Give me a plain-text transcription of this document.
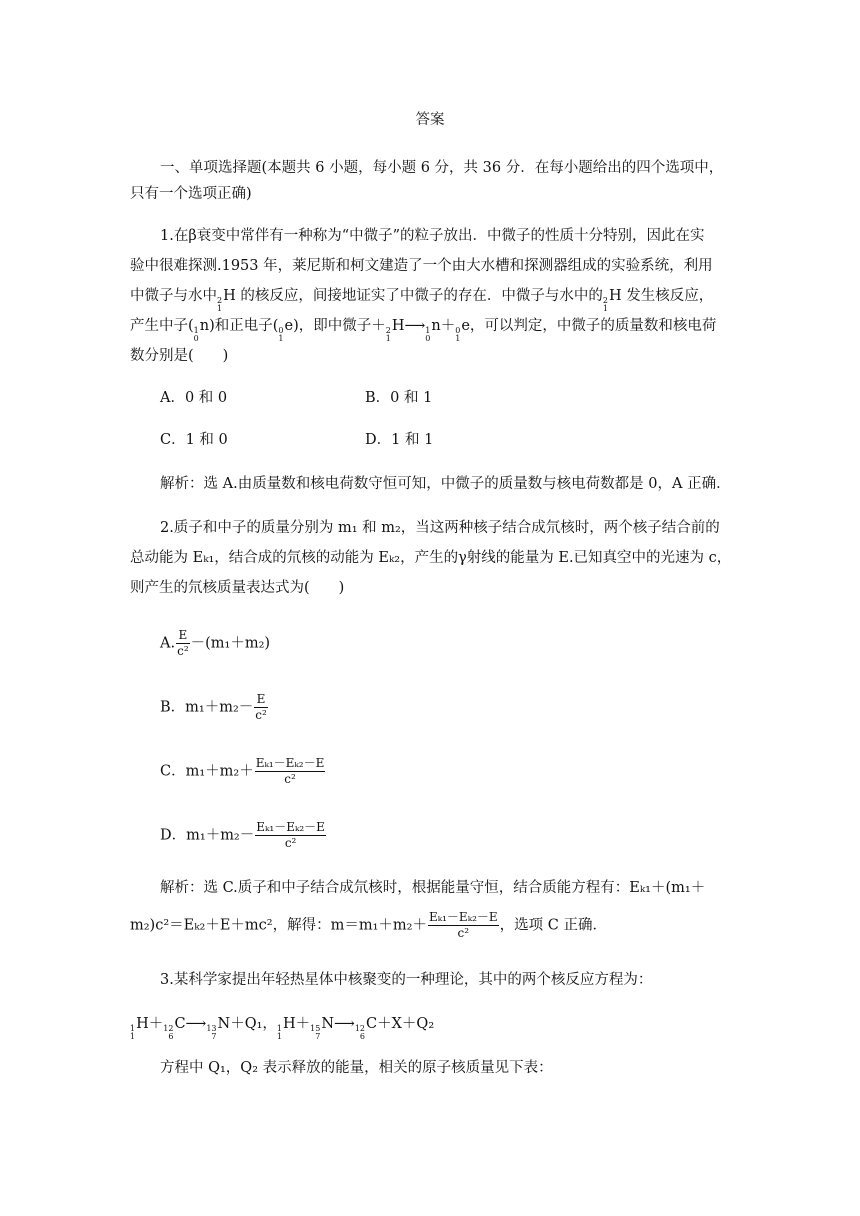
答案
一、单项选择题(本题共 6 小题，每小题 6 分，共 36 分．在每小题给出的四个选项中，
只有一个选项正确)
1.在β衰变中常伴有一种称为“中微子”的粒子放出．中微子的性质十分特别，因此在实
验中很难探测.1953 年，莱尼斯和柯文建造了一个由大水槽和探测器组成的实验系统，利用
中微子与水中 2
1
H 的核反应，间接地证实了中微子的存在．中微子与水中的 2
1
H 发生核反应，
产生中子( 1
0
n)和正电子( 0
1
e)，即中微子＋ 2
1
H⟶ 1
0
n＋ 0
1
e，可以判定，中微子的质量数和核电荷
数分别是(　　)
A．0 和 0	B．0 和 1
C．1 和 0	D．1 和 1
解析：选 A.由质量数和核电荷数守恒可知，中微子的质量数与核电荷数都是 0，A 正确．
2.质子和中子的质量分别为 m₁ 和 m₂，当这两种核子结合成氘核时，两个核子结合前的
总动能为 Eₖ₁，结合成的氘核的动能为 Eₖ₂，产生的γ射线的能量为 E.已知真空中的光速为 c，
则产生的氘核质量表达式为(　　)
A. $\frac{E}{\text{c²}} -(m_1+m_2)$
B．$m_1+m_2- \frac{E}{\text{c²}}$
C．$m_1+m_2+ \frac{\text{Eₖ₁－Eₖ₂－E}}{\text{c²}}$
D．$m_1+m_2- \frac{\text{Eₖ₁－Eₖ₂－E}}{\text{c²}}$
解析：选 C.质子和中子结合成氘核时，根据能量守恒，结合质能方程有：Eₖ₁＋(m₁＋
m₂)c²＝Eₖ₂＋E＋mc²，解得：$m=m_1+m_2+ \frac{\text{Eₖ₁－Eₖ₂－E}}{\text{c²}}$ ，选项 C 正确．
3.某科学家提出年轻热星体中核聚变的一种理论，其中的两个核反应方程为：
1
1
H＋ 12
6
C⟶ 13
7
N＋Q₁， 1
1
H＋ 15
7
N⟶ 12
6
C＋X＋Q₂
方程中 Q₁，Q₂ 表示释放的能量，相关的原子核质量见下表：
